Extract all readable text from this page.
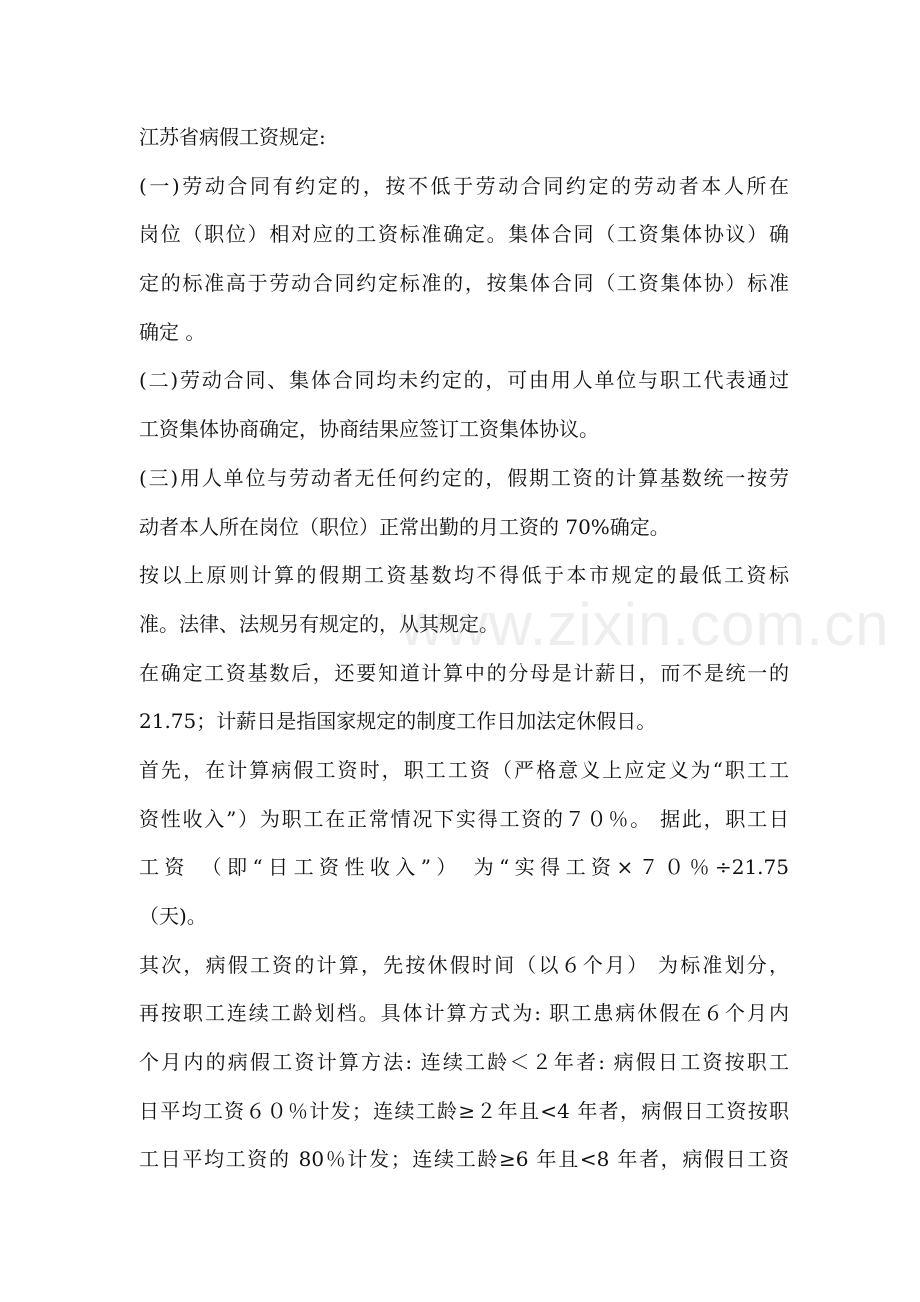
江苏省病假工资规定:
(一)劳动合同有约定的，按不低于劳动合同约定的劳动者本人所在
岗位（职位）相对应的工资标准确定。集体合同（工资集体协议）确
定的标准高于劳动合同约定标准的，按集体合同（工资集体协）标准
确定 。
(二)劳动合同、集体合同均未约定的，可由用人单位与职工代表通过
工资集体协商确定，协商结果应签订工资集体协议。
(三)用人单位与劳动者无任何约定的，假期工资的计算基数统一按劳
动者本人所在岗位（职位）正常出勤的月工资的 70%确定。
按以上原则计算的假期工资基数均不得低于本市规定的最低工资标
准。法律、法规另有规定的，从其规定。
在确定工资基数后，还要知道计算中的分母是计薪日，而不是统一的
21.75；计薪日是指国家规定的制度工作日加法定休假日。
首先，在计算病假工资时，职工工资（严格意义上应定义为“职工工
资性收入”）为职工在正常情况下实得工资的７０％。 据此，职工日
工资 （即“日工资性收入”） 为“实得工资×７０％÷21.75
（天)。
其次，病假工资的计算，先按休假时间（以６个月） 为标准划分，
再按职工连续工龄划档。具体计算方式为: 职工患病休假在６个月内
个月内的病假工资计算方法: 连续工龄＜２年者: 病假日工资按职工
日平均工资６０％计发；连续工龄≥２年且<4 年者，病假日工资按职
工日平均工资的 80％计发；连续工龄≥6 年且<8 年者，病假日工资
www.zixin.com.cn
